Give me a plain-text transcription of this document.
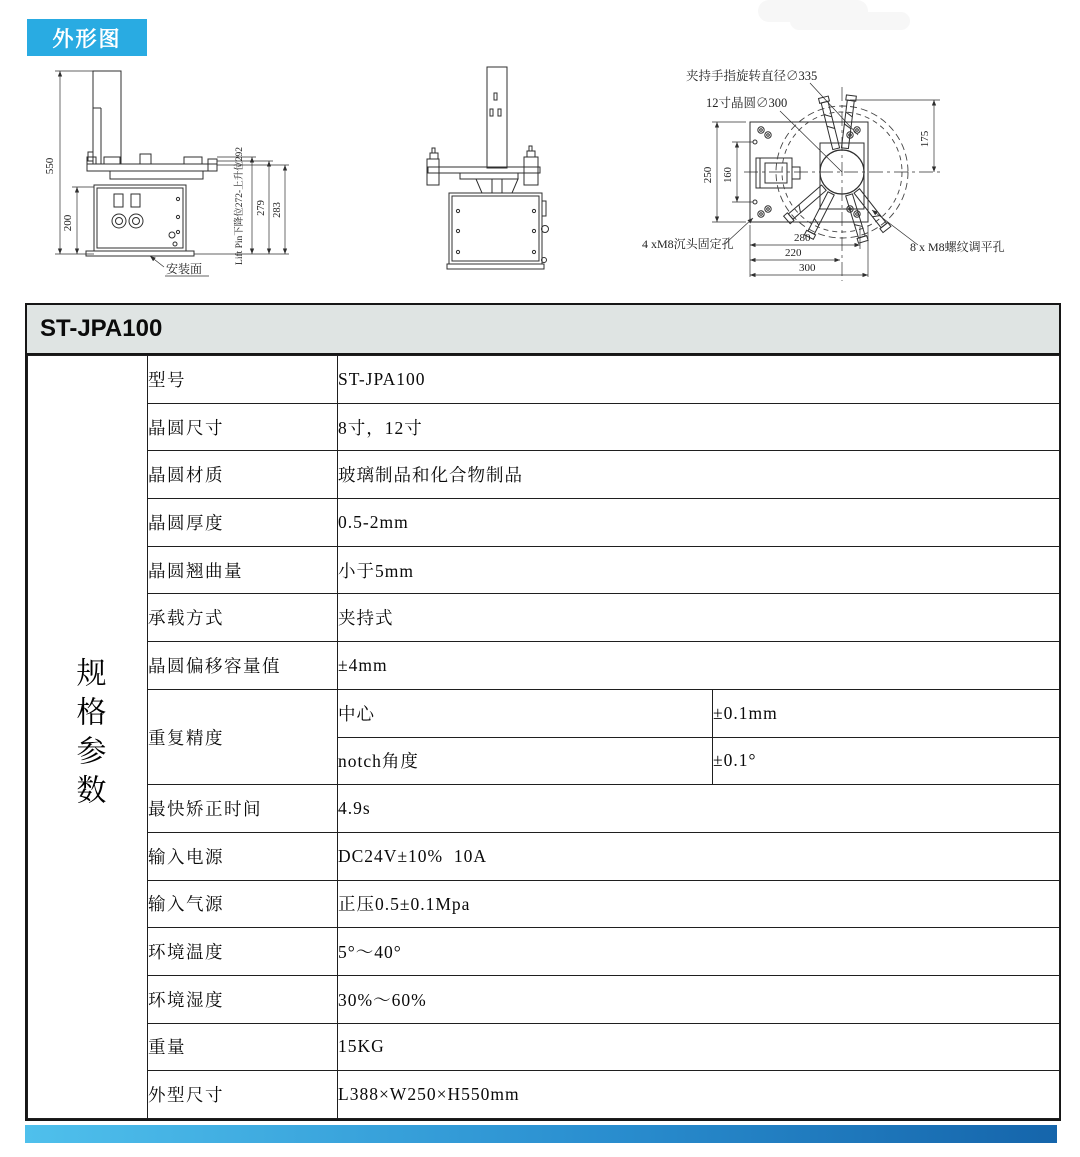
外形图
550
200	Lift Pin下降位272-上升位292 279 283
安装面
夹持手指旋转直径∅335
12寸晶圆∅300
175
250 160
280
220
300
4 xM8沉头固定孔	8 x M8螺纹调平孔
ST-JPA100
规格参数	型号	ST-JPA100	
	晶圆尺寸	8寸，12寸	
	晶圆材质	玻璃制品和化合物制品	
	晶圆厚度	0.5-2mm	
	晶圆翘曲量	小于5mm	
	承载方式	夹持式	
	晶圆偏移容量值	±4mm	
	重复精度	中心	±0.1mm
		notch角度	±0.1°
	最快矫正时间	4.9s	
	输入电源	DC24V±10%  10A	
	输入气源	正压0.5±0.1Mpa	
	环境温度	5°～40°	
	环境湿度	30%～60%	
	重量	15KG	
	外型尺寸	L388×W250×H550mm	
